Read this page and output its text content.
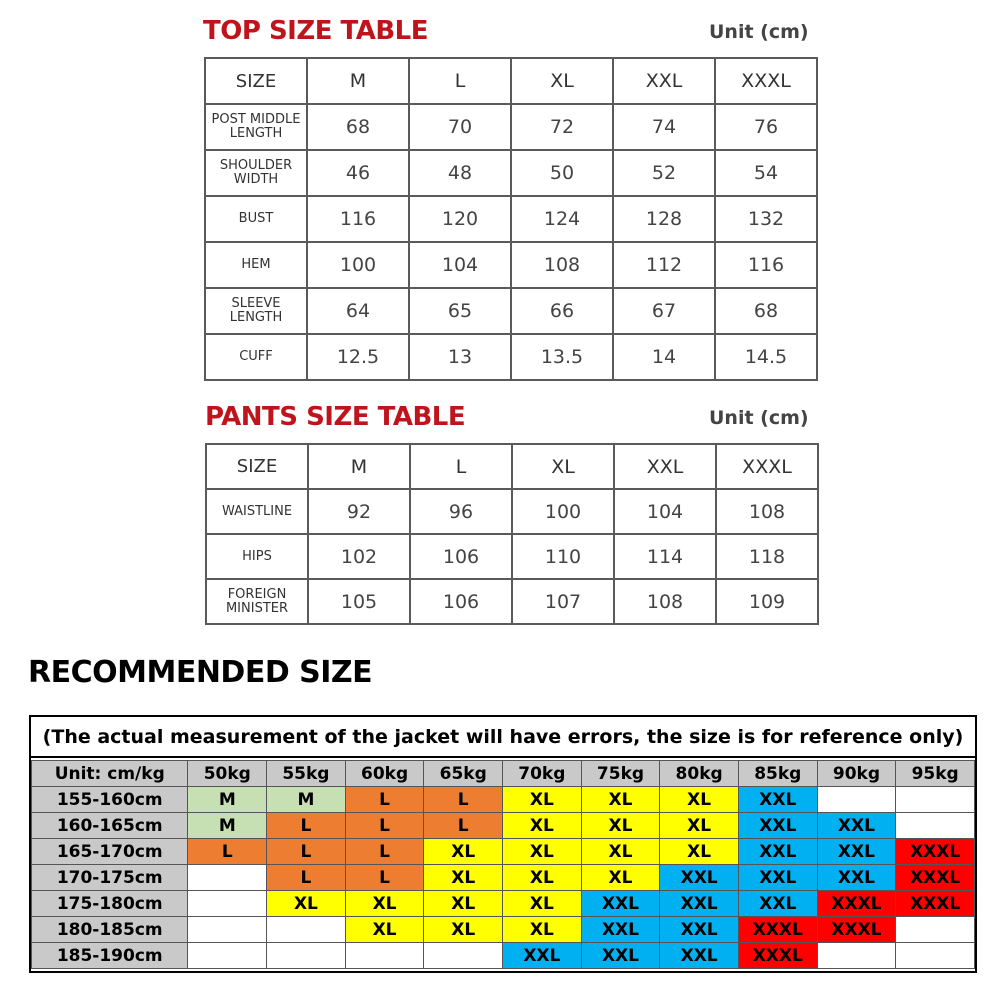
TOP SIZE TABLE	Unit (cm)
SIZE	M	L	XL	XXL	XXXL
POST MIDDLE LENGTH	68	70	72	74	76
SHOULDER WIDTH	46	48	50	52	54
BUST	116	120	124	128	132
HEM	100	104	108	112	116
SLEEVE LENGTH	64	65	66	67	68
CUFF	12.5	13	13.5	14	14.5
PANTS SIZE TABLE	Unit (cm)
SIZE	M	L	XL	XXL	XXXL
WAISTLINE	92	96	100	104	108
HIPS	102	106	110	114	118
FOREIGN MINISTER	105	106	107	108	109
RECOMMENDED SIZE
(The actual measurement of the jacket will have errors, the size is for reference only)
Unit: cm/kg	50kg	55kg	60kg	65kg	70kg	75kg	80kg	85kg	90kg	95kg
155-160cm	M	M	L	L	XL	XL	XL	XXL		
160-165cm	M	L	L	L	XL	XL	XL	XXL	XXL	
165-170cm	L	L	L	XL	XL	XL	XL	XXL	XXL	XXXL
170-175cm		L	L	XL	XL	XL	XXL	XXL	XXL	XXXL
175-180cm		XL	XL	XL	XL	XXL	XXL	XXL	XXXL	XXXL
180-185cm			XL	XL	XL	XXL	XXL	XXXL	XXXL	
185-190cm					XXL	XXL	XXL	XXXL		
